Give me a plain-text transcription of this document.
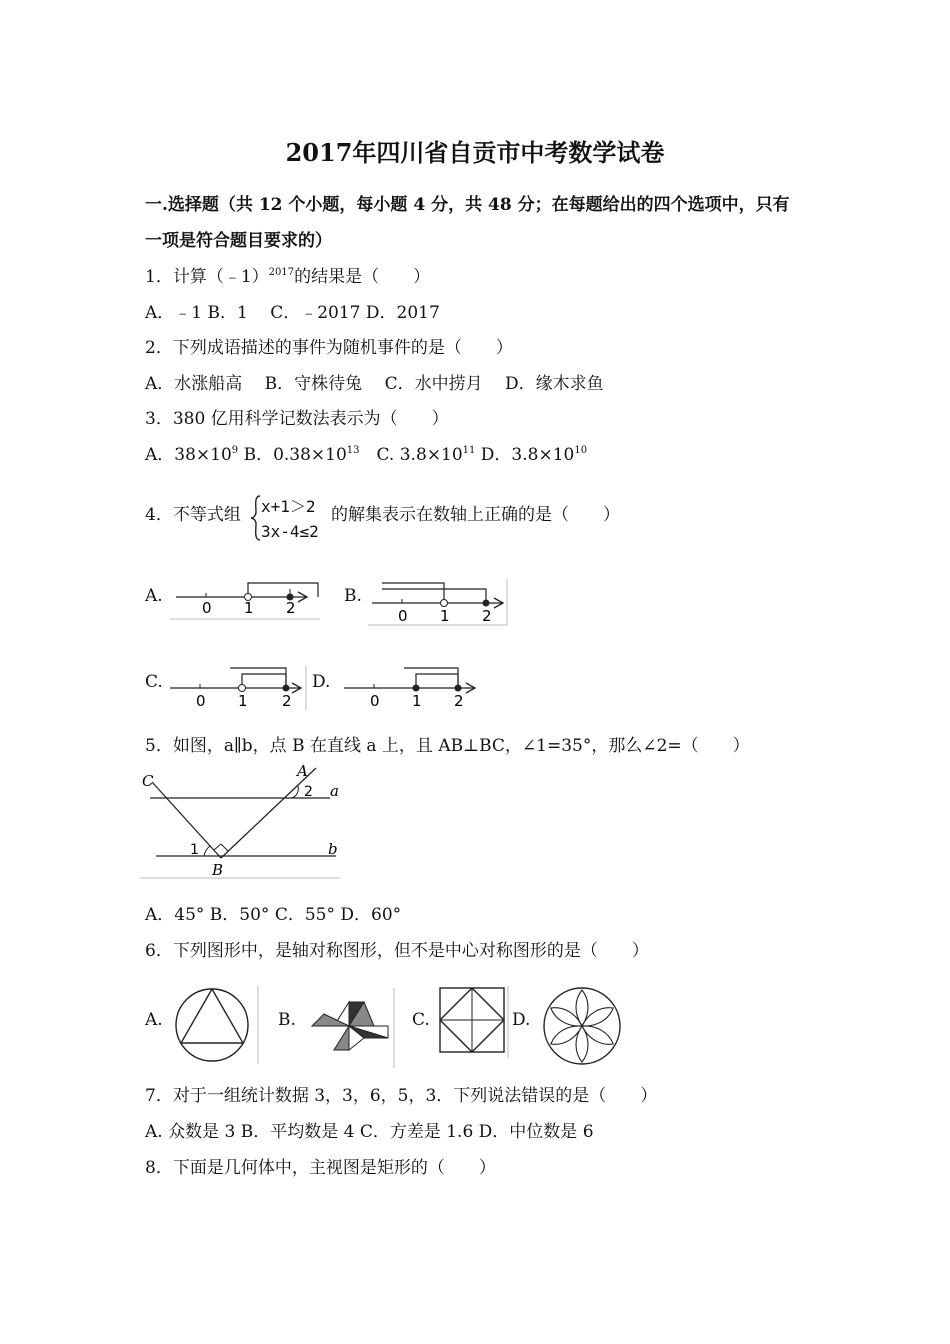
2017年四川省自贡市中考数学试卷
一.选择题（共 12 个小题，每小题 4 分，共 48 分；在每题给出的四个选项中，只有
一项是符合题目要求的）
1．计算（﹣1）$^{2017}$的结果是（　　）
A．﹣1 B．1　 C．﹣2017 D．2017
2．下列成语描述的事件为随机事件的是（　　）
A．水涨船高　 B．守株待兔　 C．水中捞月　 D．缘木求鱼
3．380 亿用科学记数法表示为（　　）
A．$38\times 10^9$ B．$0.38\times 10^{13}$　C. $3.8\times 10^{11}$ D．$3.8\times 10^{10}$
4．不等式组 x+1＞2
3x-4≤2
的解集表示在数轴上正确的是（　　）
A.
0 1 2
B.
0 1 2
C.
0 1 2
D.
0 1 2
5．如图，a∥b，点 B 在直线 a 上，且 AB⊥BC，∠1=35°，那么∠2=（　　）
C
A
B
a
b
1
2
A．45° B．50° C．55° D．60°
6．下列图形中，是轴对称图形，但不是中心对称图形的是（　　）
A.	B.	C.	D.
7．对于一组统计数据 3，3，6，5，3．下列说法错误的是（　　）
A. 众数是 3 B．平均数是 4 C．方差是 1.6 D．中位数是 6
8．下面是几何体中，主视图是矩形的（　　）
